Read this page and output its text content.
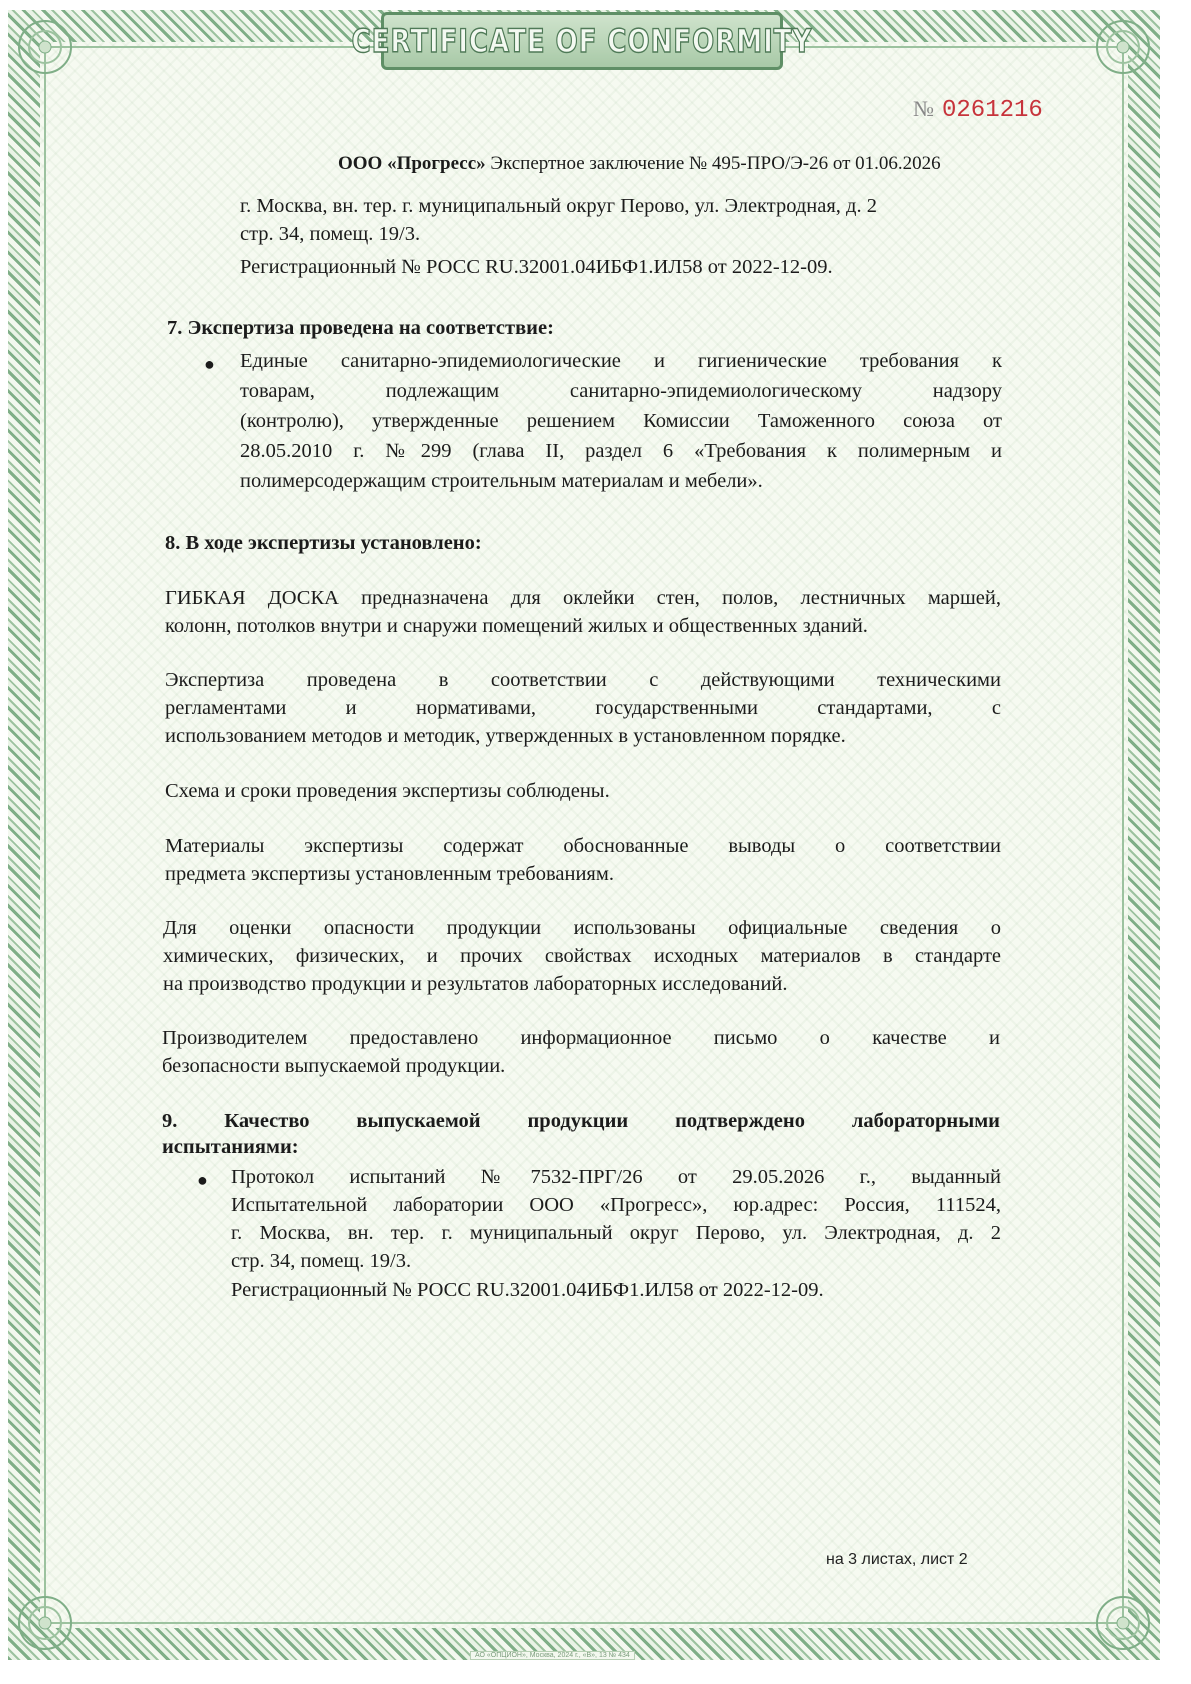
CERTIFICATE OF CONFORMITY
№ 0261216
ООО «Прогресс» Экспертное заключение № 495-ПРО/Э-26 от 01.06.2026
г. Москва, вн. тер. г. муниципальный округ Перово, ул. Электродная, д. 2
стр. 34, помещ. 19/3.
Регистрационный № РОСС RU.32001.04ИБФ1.ИЛ58 от 2022-12-09.
7. Экспертиза проведена на соответствие:
● Единые санитарно-эпидемиологические и гигиенические требования к
товарам, подлежащим санитарно-эпидемиологическому надзору
(контролю), утвержденные решением Комиссии Таможенного союза от
28.05.2010 г. №299 (глава II, раздел 6 «Требования к полимерным и
полимерсодержащим строительным материалам и мебели».
8. В ходе экспертизы установлено:
ГИБКАЯ ДОСКА предназначена для оклейки стен, полов, лестничных маршей,
колонн, потолков внутри и снаружи помещений жилых и общественных зданий.
Экспертиза проведена в соответствии с действующими техническими
регламентами и нормативами, государственными стандартами, с
использованием методов и методик, утвержденных в установленном порядке.
Схема и сроки проведения экспертизы соблюдены.
Материалы экспертизы содержат обоснованные выводы о соответствии
предмета экспертизы установленным требованиям.
Для оценки опасности продукции использованы официальные сведения о
химических, физических, и прочих свойствах исходных материалов в стандарте
на производство продукции и результатов лабораторных исследований.
Производителем предоставлено информационное письмо о качестве и
безопасности выпускаемой продукции.
9. Качество выпускаемой продукции подтверждено лабораторными
испытаниями:
● Протокол испытаний №7532-ПРГ/26 от 29.05.2026 г., выданный
Испытательной лаборатории ООО «Прогресс», юр.адрес: Россия, 111524,
г. Москва, вн. тер. г. муниципальный округ Перово, ул. Электродная, д. 2
стр. 34, помещ. 19/3.
Регистрационный № РОСС RU.32001.04ИБФ1.ИЛ58 от 2022-12-09.
на 3 листах, лист 2
АО «ОПЦИОН», Москва, 2024 г., «В», 13 № 434
